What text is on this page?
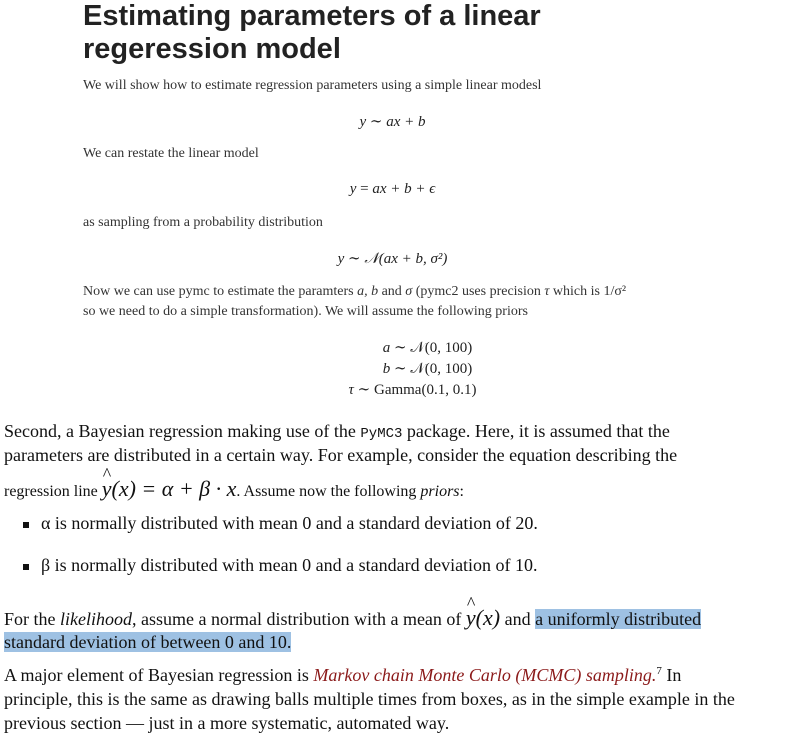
Estimating parameters of a linear regeression model
We will show how to estimate regression parameters using a simple linear modesl
y ∼ ax + b
We can restate the linear model
y = ax + b + ϵ
as sampling from a probability distribution
y ∼ 𝒩(ax + b, σ²)
Now we can use pymc to estimate the paramters a, b and σ (pymc2 uses precision τ which is 1/σ²
so we need to do a simple transformation). We will assume the following priors
a ∼ 𝒩(0, 100)
b ∼ 𝒩(0, 100)
τ ∼ Gamma(0.1, 0.1)
Second, a Bayesian regression making use of the PyMC3 package. Here, it is assumed that the
parameters are distributed in a certain way. For example, consider the equation describing the
regression line ^ y(x) = α + β · x. Assume now the following priors:
α is normally distributed with mean 0 and a standard deviation of 20.
β is normally distributed with mean 0 and a standard deviation of 10.
For the likelihood, assume a normal distribution with a mean of ^ y(x) and a uniformly distributed
standard deviation of between 0 and 10.
A major element of Bayesian regression is Markov chain Monte Carlo (MCMC) sampling.$^7$ In
principle, this is the same as drawing balls multiple times from boxes, as in the simple example in the
previous section — just in a more systematic, automated way.
